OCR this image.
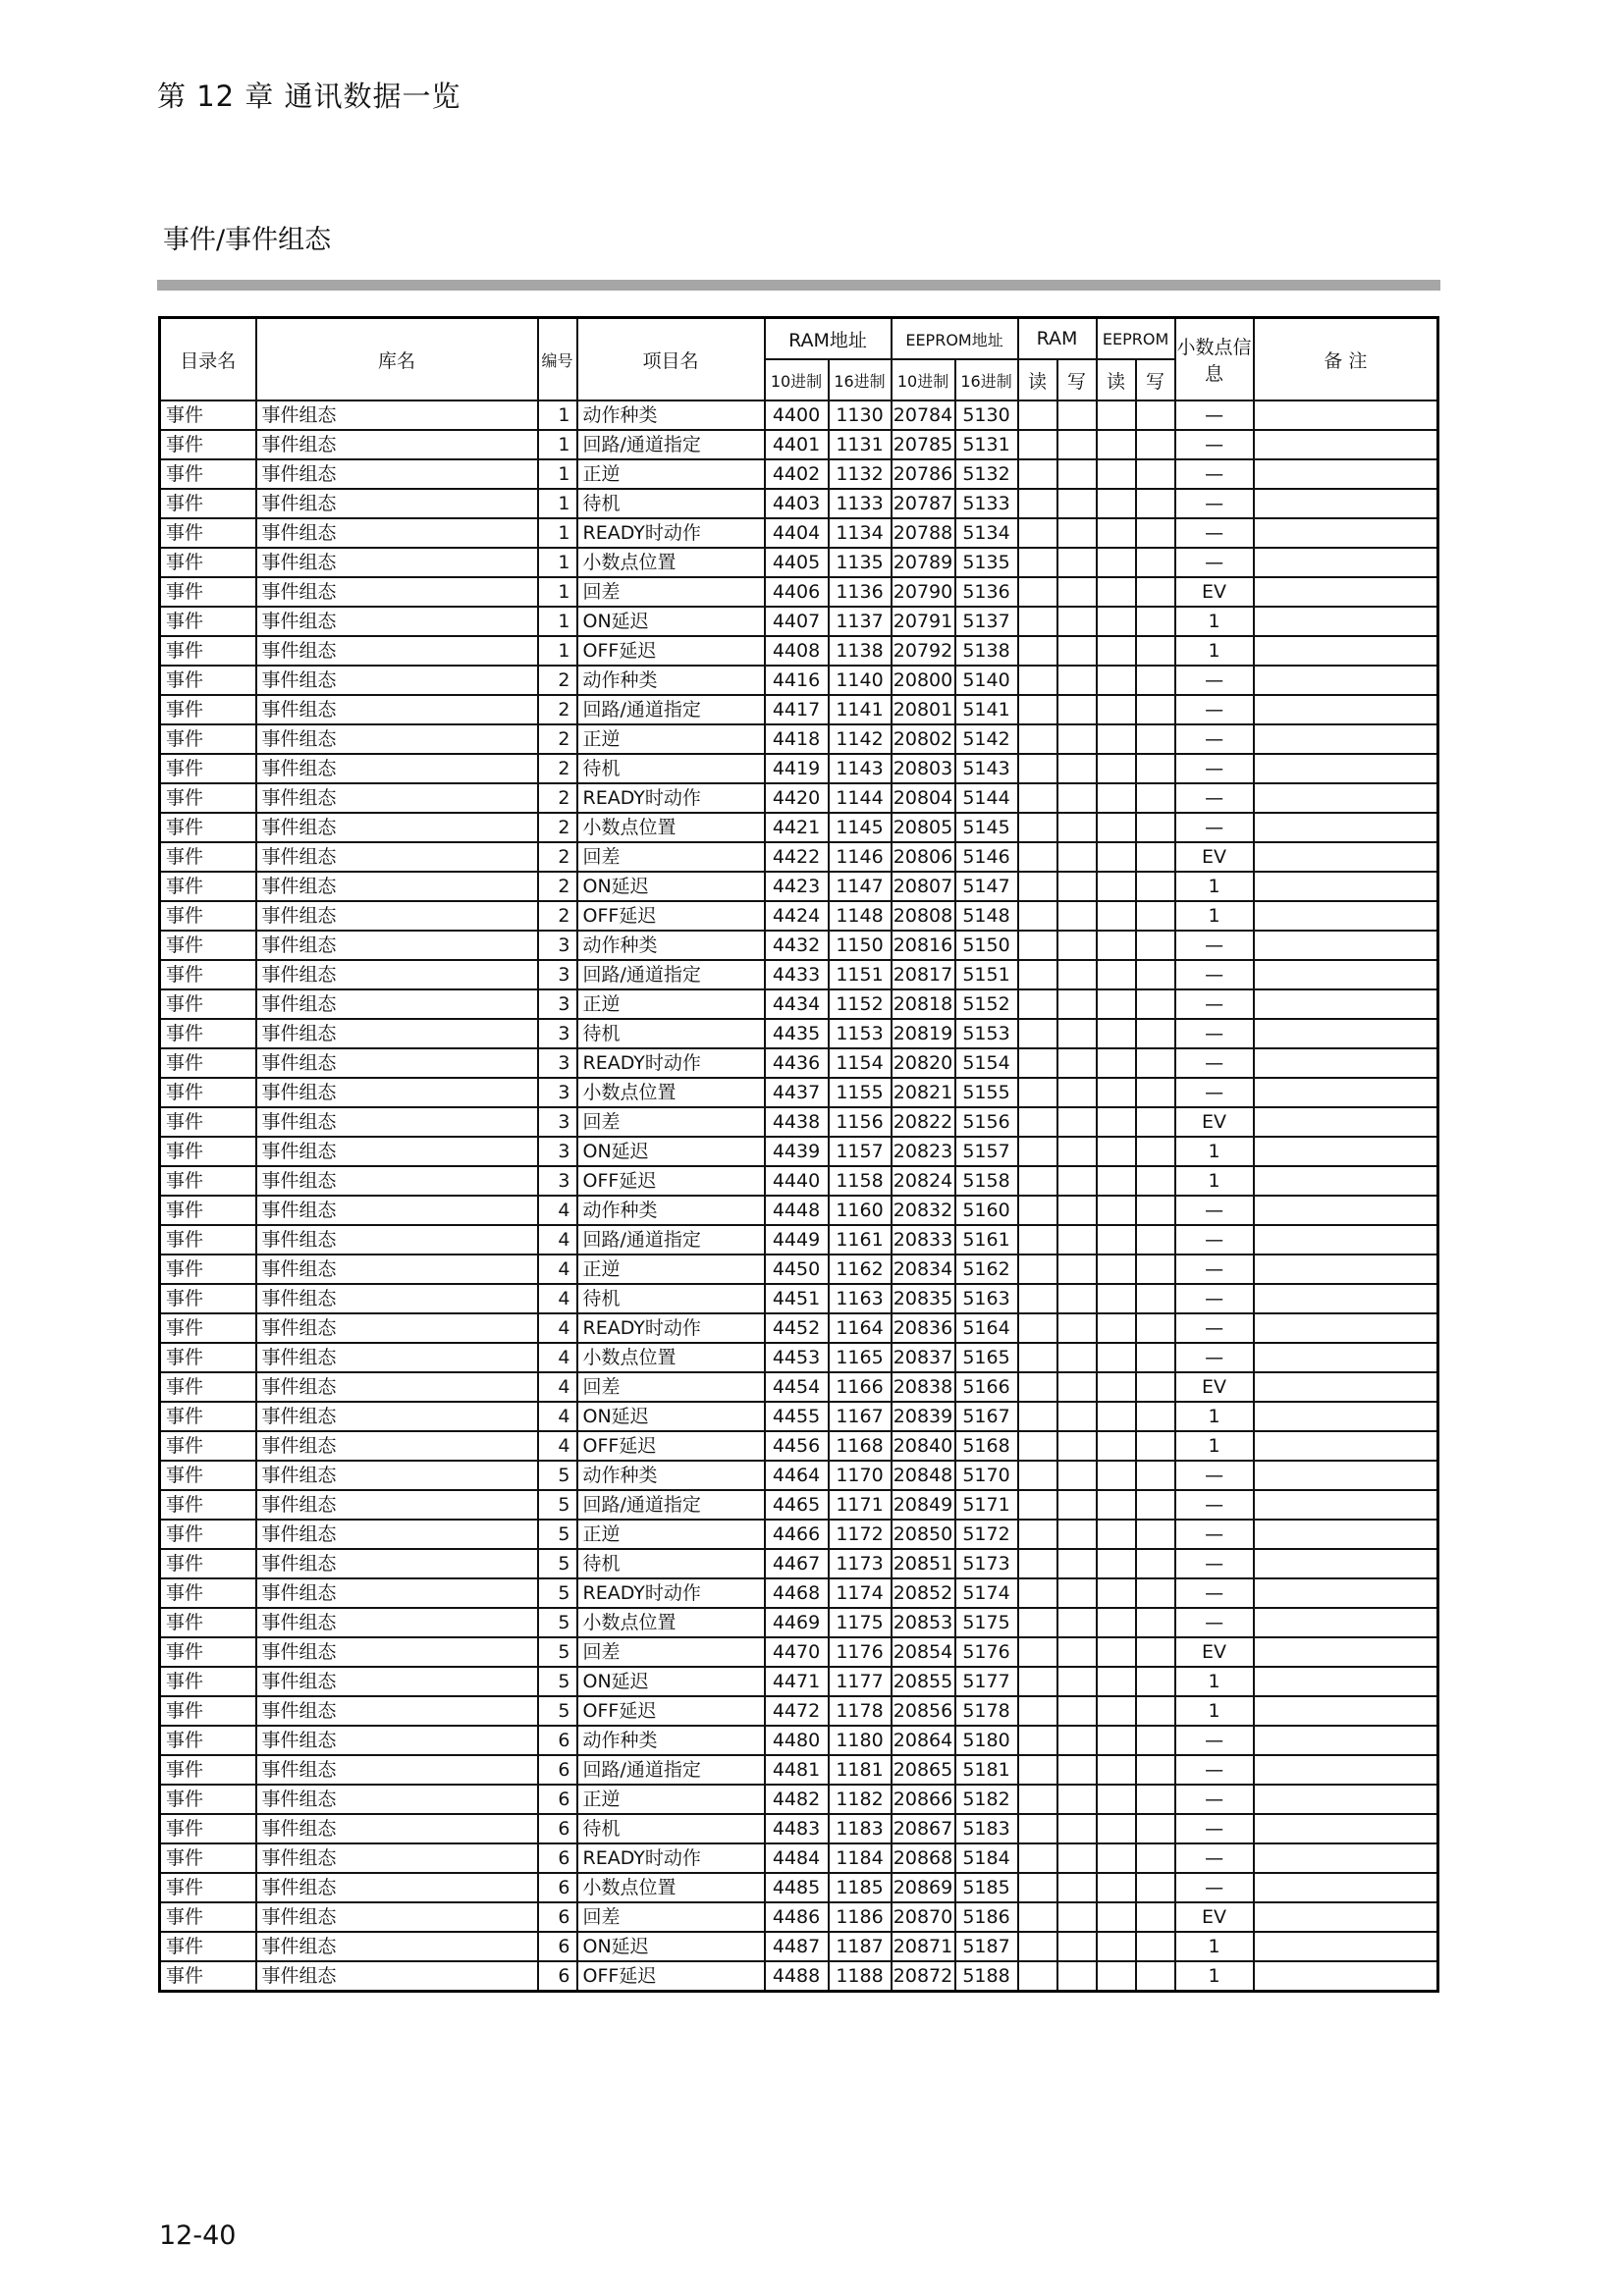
第 12 章 通讯数据一览
事件/事件组态
目录名	库名	编号	项目名	RAM地址		EEPROM地址		RAM		EEPROM		小数点信息	备 注
				10进制	16进制	10进制	16进制	读	写	读	写		
事件	事件组态	1	动作种类	4400	1130	20784	5130					—	
事件	事件组态	1	回路/通道指定	4401	1131	20785	5131					—	
事件	事件组态	1	正逆	4402	1132	20786	5132					—	
事件	事件组态	1	待机	4403	1133	20787	5133					—	
事件	事件组态	1	READY时动作	4404	1134	20788	5134					—	
事件	事件组态	1	小数点位置	4405	1135	20789	5135					—	
事件	事件组态	1	回差	4406	1136	20790	5136					EV	
事件	事件组态	1	ON延迟	4407	1137	20791	5137					1	
事件	事件组态	1	OFF延迟	4408	1138	20792	5138					1	
事件	事件组态	2	动作种类	4416	1140	20800	5140					—	
事件	事件组态	2	回路/通道指定	4417	1141	20801	5141					—	
事件	事件组态	2	正逆	4418	1142	20802	5142					—	
事件	事件组态	2	待机	4419	1143	20803	5143					—	
事件	事件组态	2	READY时动作	4420	1144	20804	5144					—	
事件	事件组态	2	小数点位置	4421	1145	20805	5145					—	
事件	事件组态	2	回差	4422	1146	20806	5146					EV	
事件	事件组态	2	ON延迟	4423	1147	20807	5147					1	
事件	事件组态	2	OFF延迟	4424	1148	20808	5148					1	
事件	事件组态	3	动作种类	4432	1150	20816	5150					—	
事件	事件组态	3	回路/通道指定	4433	1151	20817	5151					—	
事件	事件组态	3	正逆	4434	1152	20818	5152					—	
事件	事件组态	3	待机	4435	1153	20819	5153					—	
事件	事件组态	3	READY时动作	4436	1154	20820	5154					—	
事件	事件组态	3	小数点位置	4437	1155	20821	5155					—	
事件	事件组态	3	回差	4438	1156	20822	5156					EV	
事件	事件组态	3	ON延迟	4439	1157	20823	5157					1	
事件	事件组态	3	OFF延迟	4440	1158	20824	5158					1	
事件	事件组态	4	动作种类	4448	1160	20832	5160					—	
事件	事件组态	4	回路/通道指定	4449	1161	20833	5161					—	
事件	事件组态	4	正逆	4450	1162	20834	5162					—	
事件	事件组态	4	待机	4451	1163	20835	5163					—	
事件	事件组态	4	READY时动作	4452	1164	20836	5164					—	
事件	事件组态	4	小数点位置	4453	1165	20837	5165					—	
事件	事件组态	4	回差	4454	1166	20838	5166					EV	
事件	事件组态	4	ON延迟	4455	1167	20839	5167					1	
事件	事件组态	4	OFF延迟	4456	1168	20840	5168					1	
事件	事件组态	5	动作种类	4464	1170	20848	5170					—	
事件	事件组态	5	回路/通道指定	4465	1171	20849	5171					—	
事件	事件组态	5	正逆	4466	1172	20850	5172					—	
事件	事件组态	5	待机	4467	1173	20851	5173					—	
事件	事件组态	5	READY时动作	4468	1174	20852	5174					—	
事件	事件组态	5	小数点位置	4469	1175	20853	5175					—	
事件	事件组态	5	回差	4470	1176	20854	5176					EV	
事件	事件组态	5	ON延迟	4471	1177	20855	5177					1	
事件	事件组态	5	OFF延迟	4472	1178	20856	5178					1	
事件	事件组态	6	动作种类	4480	1180	20864	5180					—	
事件	事件组态	6	回路/通道指定	4481	1181	20865	5181					—	
事件	事件组态	6	正逆	4482	1182	20866	5182					—	
事件	事件组态	6	待机	4483	1183	20867	5183					—	
事件	事件组态	6	READY时动作	4484	1184	20868	5184					—	
事件	事件组态	6	小数点位置	4485	1185	20869	5185					—	
事件	事件组态	6	回差	4486	1186	20870	5186					EV	
事件	事件组态	6	ON延迟	4487	1187	20871	5187					1	
事件	事件组态	6	OFF延迟	4488	1188	20872	5188					1	
12-40
